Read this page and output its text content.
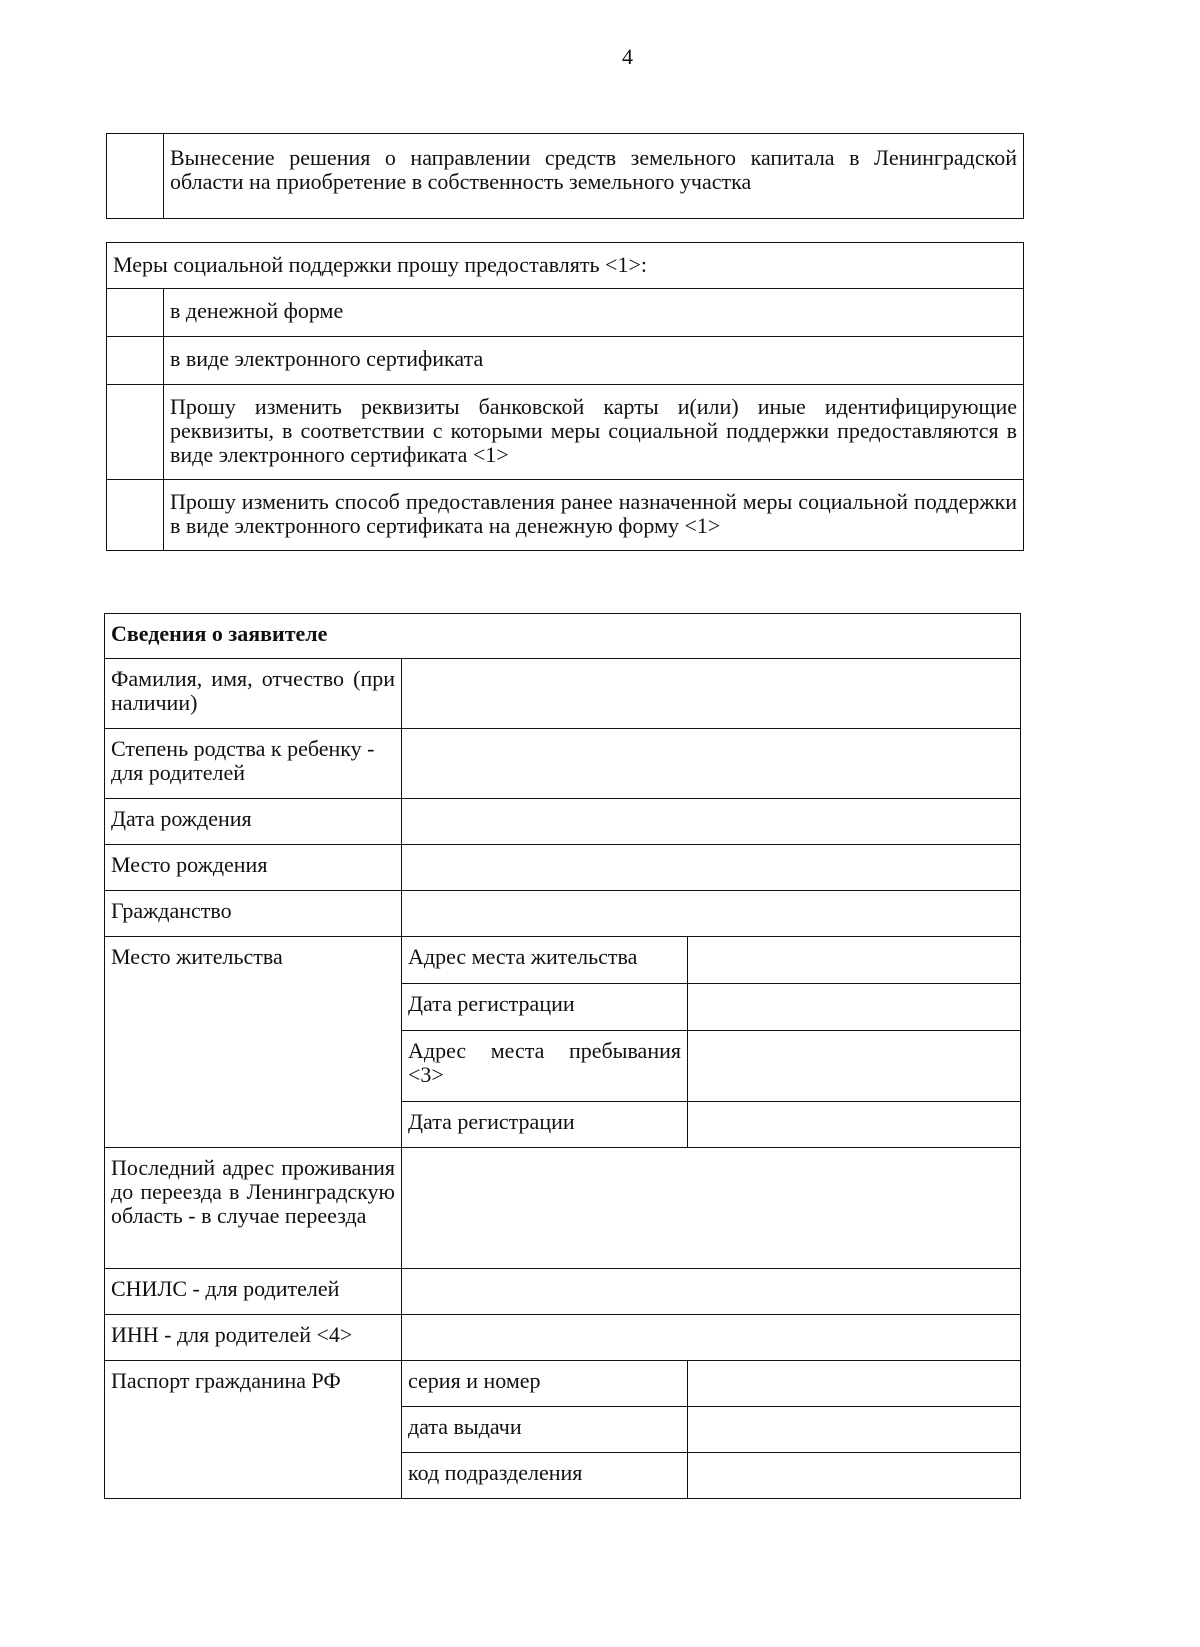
4
	Вынесение решения о направлении средств земельного капитала в Ленинградской области на приобретение в собственность земельного участка
Меры социальной поддержки прошу предоставлять <1>:	
	в денежной форме
	в виде электронного сертификата
	Прошу изменить реквизиты банковской карты и(или) иные идентифицирующие реквизиты, в соответствии с которыми меры социальной поддержки предоставляются в виде электронного сертификата <1>
	Прошу изменить способ предоставления ранее назначенной меры социальной поддержки в виде электронного сертификата на денежную форму <1>
Сведения о заявителе		
Фамилия, имя, отчество (при наличии)		
Степень родства к ребенку - для родителей		
Дата рождения		
Место рождения		
Гражданство		
Место жительства	Адрес места жительства	
	Дата регистрации	
	Адрес места пребывания <3>	
	Дата регистрации	
Последний адрес проживания до переезда в Ленинградскую область - в случае переезда		
СНИЛС - для родителей		
ИНН - для родителей <4>		
Паспорт гражданина РФ	серия и номер	
	дата выдачи	
	код подразделения	
